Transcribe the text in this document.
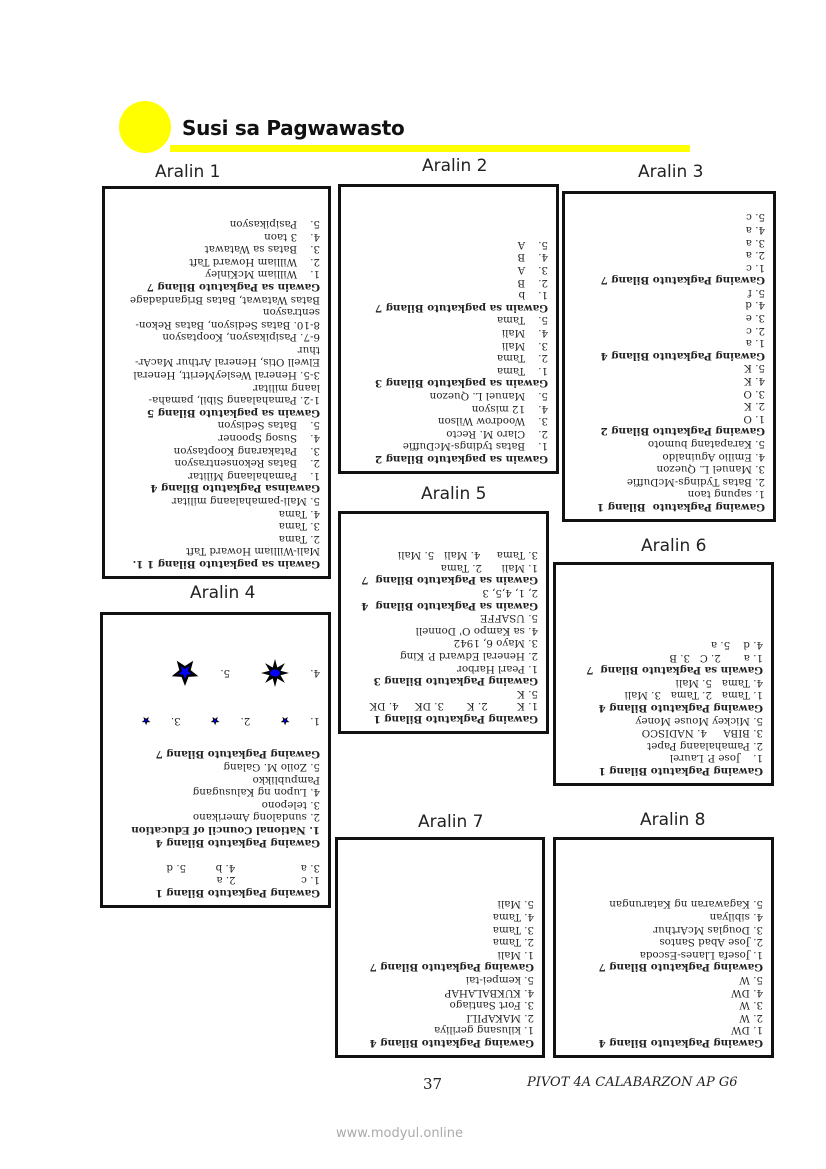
Susi sa Pagwawasto
Aralin 1	Aralin 2	Aralin 3
Aralin 4
Aralin 5
Aralin 6
Aralin 7	Aralin 8
Gawain sa pagkatuto Bilang 1 1.
Mali-William Howard Taft
2. Tama
3. Tama
4. Tama
5. Mali-pamahalaang militar
Gawainsa Pagkatuto Bilang 4
1.    Pamahalaang Militar
2.    Batas Rekonsentrasyon
3.    Patakarang Kooptasyon
4.    Susog Spooner
5.    Batas Sedisyon
Gawain sa pagkatuto Bilang 5
1-2. Pamahalaang Sibil, pamaha-
laang militar
3-5. Heneral WesleyMeritt, Heneral
Elwell Otis, Heneral Arthur MacAr-
thur
6-7. Pasipikasyon, Kooptasyon
8-10. Batas Sedisyon, Batas Rekon-
sentrasyon
Batas Watawat, Batas Brigandadage
Gawain sa Pagkatuto Bilang 7
1.    William McKinley
2.    William Howard Taft
3.    Batas sa Watawat
4.    3 taon
5.    Pasipikasyon
Gawain sa pagkatuto Bilang 2
1.    Batas tydings-McDuffie
2.    Claro M. Recto
3.    Woodrow Wilson
4.    12 misyon
5.    Manuel L. Quezon
Gawain sa pagkatuto Bilang 3
1.    Tama
2.    Tama
3.    Mali
4.    Mali
5.    Tama
Gawain sa pagkatuto Bilang 7
1.    b
2.    B
3.    A
4.    B
5.    A
Gawaing Pagkatuto  Bilang 1
1. sapung taon
2. Batas Tydings-McDuffie
3. Manuel L. Quezon
4. Emilio Aguinaldo
5. Karapatang bumoto
Gawaing Pagkatuto Bilang 2
1. O
2. K
3. O
4. K
5. K
Gawaing Pagkatuto Bilang 4
1. a
2. c
3. e
4. d
5. f
Gawaing Pagkatuto Bilang 7
1. c
2. a
3. a
4. a
5. c
Gawaing Pagkatuto Bilang 1
1. c                    2. a
3. a                    4. b         5. d

Gawaing Pagkatuto Bilang 4
1. National Council of Education
2. sundalong Amerikano
3. telepono
4. Lupon ng Kalusugang
Pampublikko
5. Zoilo M. Galang
Gawaing Pagkatuto Bilang 7
1.
2.
3.
4.
5.
Gawaing Pagkatuto Bilang 1
1. K         2. K       3. DK     4. DK
5. K
Gawaing Pagkatuto Bilang 3
1. Pearl Harbor
2. Heneral Edward P. King
3. Mayo 6, 1942
4. sa Kampo O' Donnell
5. USAFFE
Gawain sa Pagkatuto Bilang  4
2, 1, 4,5, 3
Gawain sa Pagkatuto Bilang  7
1. Mali      2. Tama
3. Tama     4. Mali   5. Mali
Gawaing Pagkatuto Bilang 1
1.    Jose P. Laurel
2. Pamahalaang Papet
3. BIBA     4. NADISCO
5. Mickey Mouse Money
Gawaing Pagkatuto Bilang 4
1. Tama   2. Tama   3. Mali
4. Tama   5. Mali
Gawain sa Pagkatuto Bilang  7
1. a       2. C   3. B
4. d    5. a
Gawaing Pagkatuto Bilang 4
1. kilusang geriliya
2. MAKAPILI
3. Fort Santiago
4. KUKBALAHAP
5. kempei-tai
Gawaing Pagkatuto Bilang 7
1. Mali
2. Tama
3. Tama
4. Tama
5. Mali
Gawaing Pagkatuto Bilang 4
1. DW
2. W
3. W
4. DW
5. W
Gawaing Pagkatuto Bilang 7
1. Josefa Llanes-Escoda
2. Jose Abad Santos
3. Douglas McArthur
4. sibilyan
5. Kagawaran ng Katarungan
37	PIVOT 4A CALABARZON AP G6
www.modyul.online
